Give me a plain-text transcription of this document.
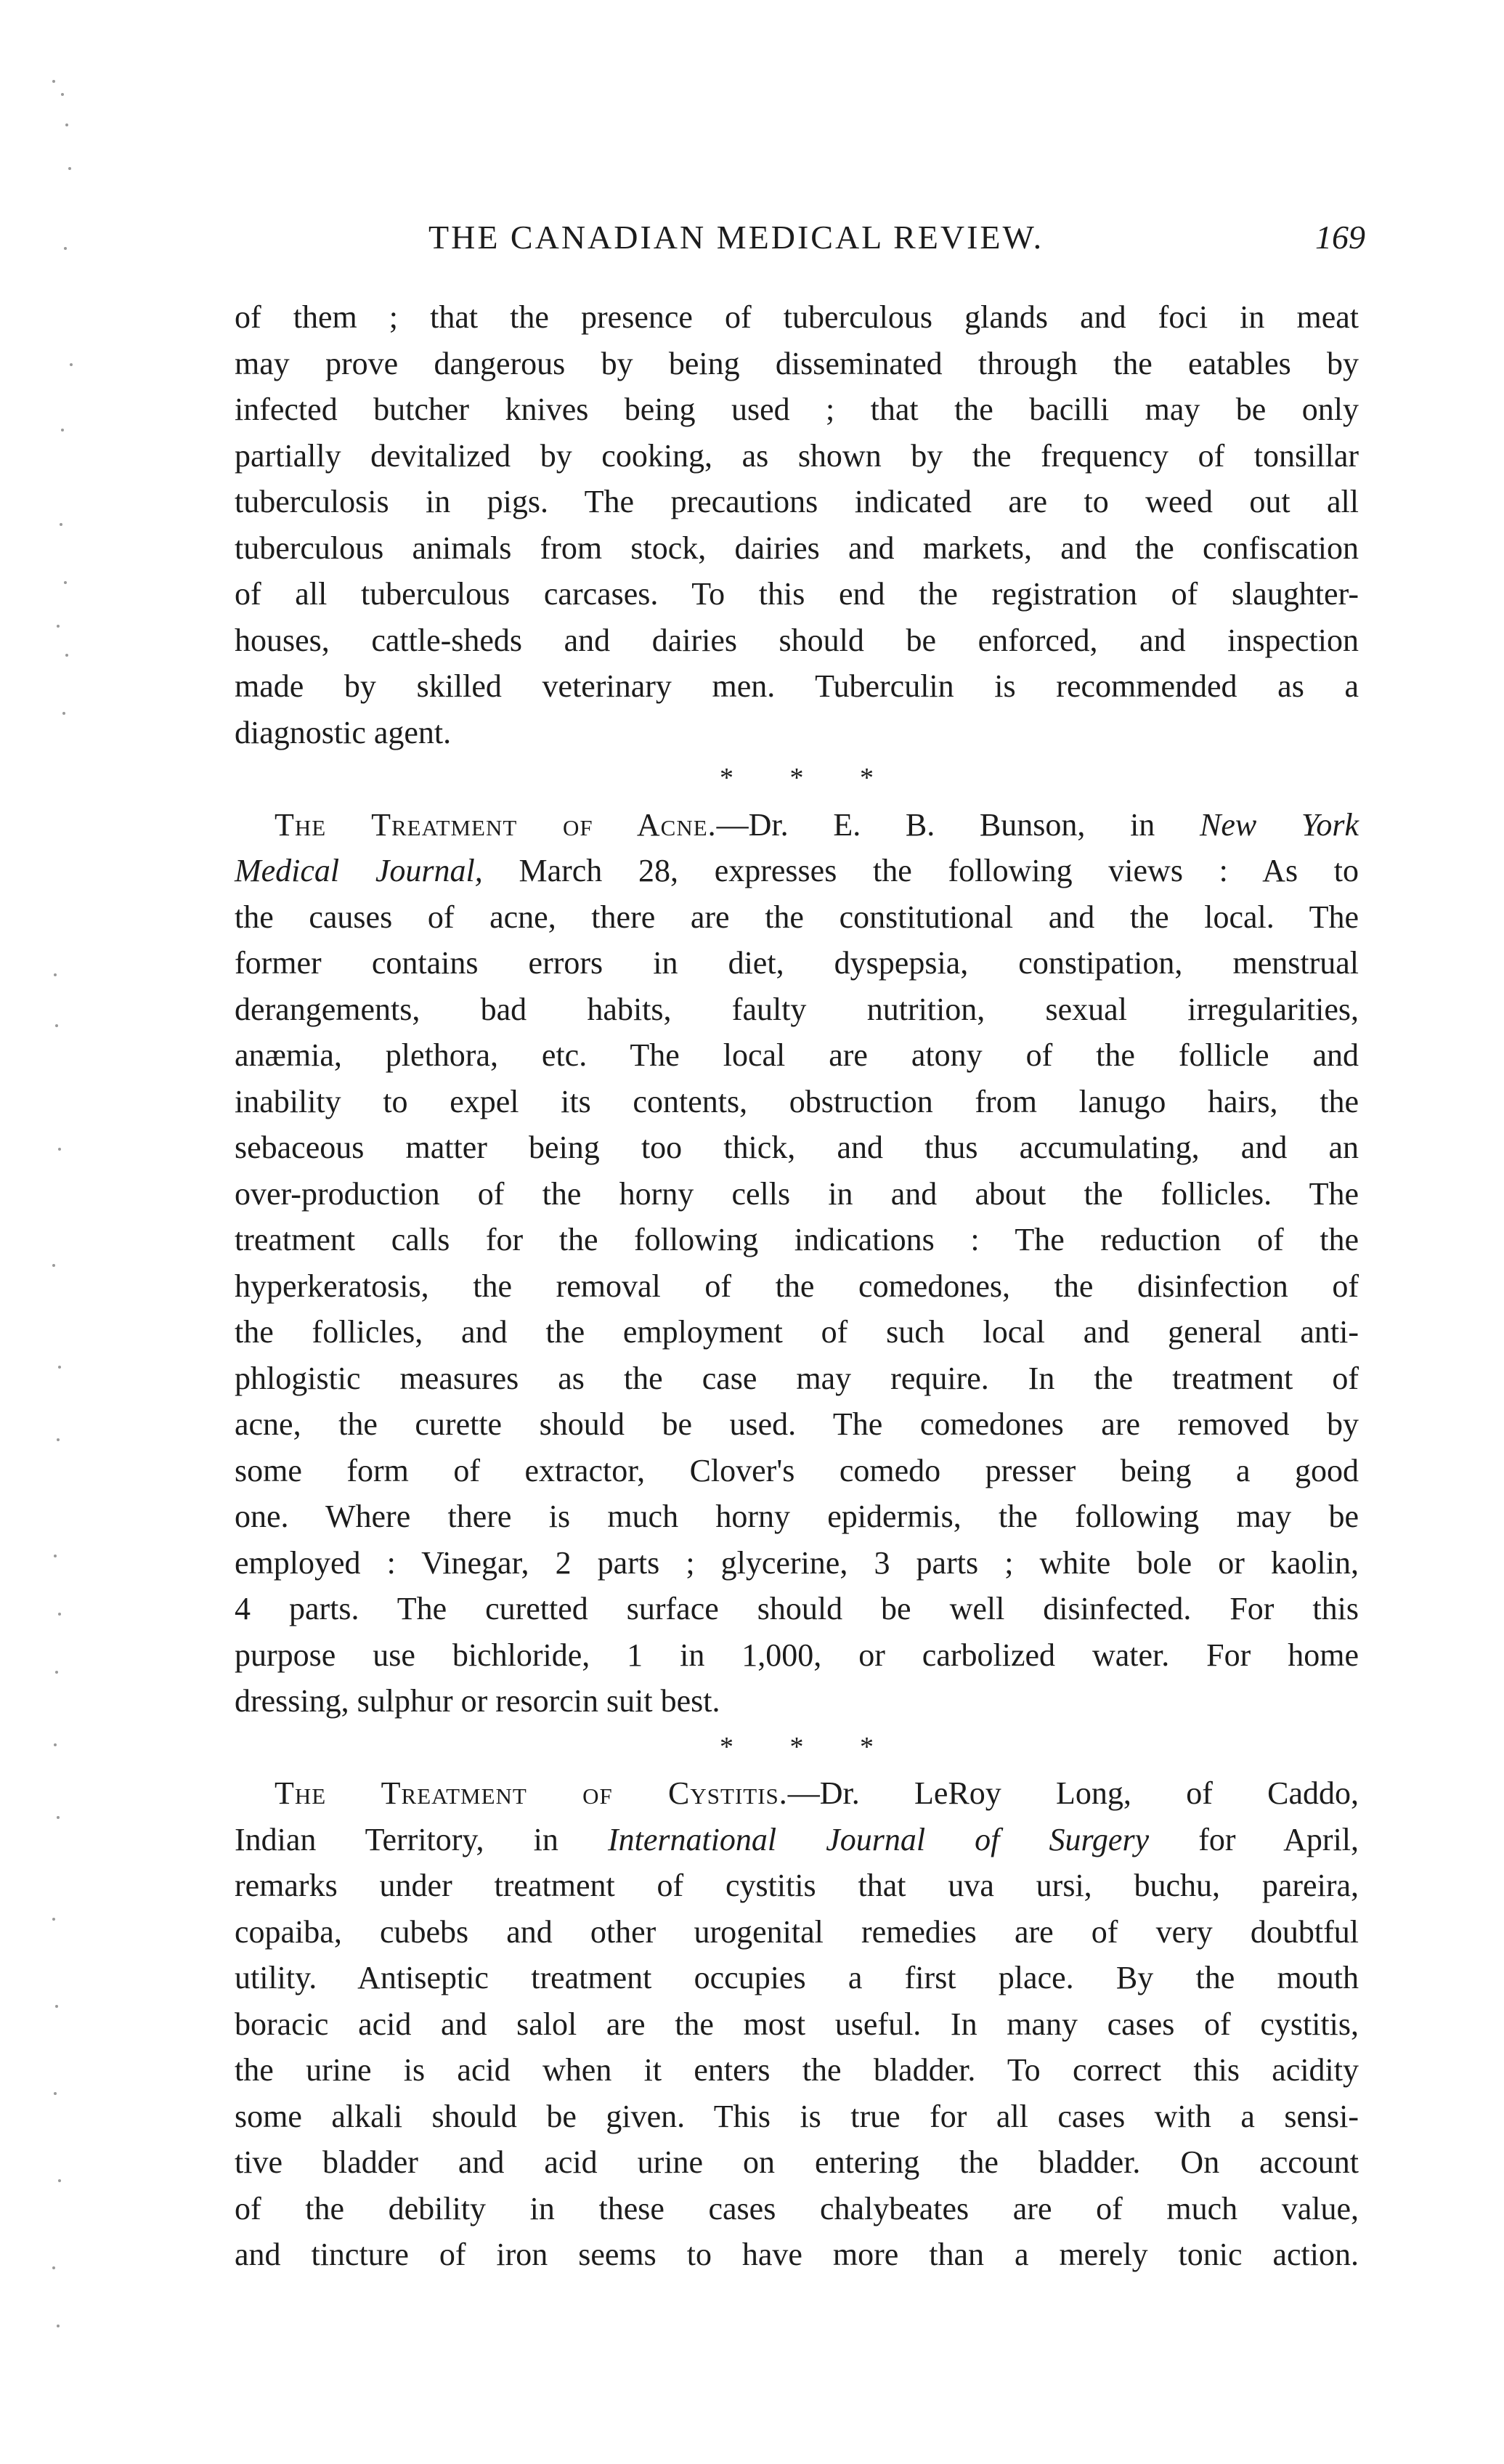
THE CANADIAN MEDICAL REVIEW.	169
of them ; that the presence of tuberculous glands and foci in meat
may prove dangerous by being disseminated through the eatables by
infected butcher knives being used ; that the bacilli may be only
partially devitalized by cooking, as shown by the frequency of tonsillar
tuberculosis in pigs. The precautions indicated are to weed out all
tuberculous animals from stock, dairies and markets, and the confiscation
of all tuberculous carcases. To this end the registration of slaughter-
houses, cattle-sheds and dairies should be enforced, and inspection
made by skilled veterinary men. Tuberculin is recommended as a
diagnostic agent.
* * *
The Treatment of Acne.—Dr. E. B. Bunson, in New York
Medical Journal, March 28, expresses the following views : As to
the causes of acne, there are the constitutional and the local. The
former contains errors in diet, dyspepsia, constipation, menstrual
derangements, bad habits, faulty nutrition, sexual irregularities,
anæmia, plethora, etc. The local are atony of the follicle and
inability to expel its contents, obstruction from lanugo hairs, the
sebaceous matter being too thick, and thus accumulating, and an
over-production of the horny cells in and about the follicles. The
treatment calls for the following indications : The reduction of the
hyperkeratosis, the removal of the comedones, the disinfection of
the follicles, and the employment of such local and general anti-
phlogistic measures as the case may require. In the treatment of
acne, the curette should be used. The comedones are removed by
some form of extractor, Clover's comedo presser being a good
one. Where there is much horny epidermis, the following may be
employed : Vinegar, 2 parts ; glycerine, 3 parts ; white bole or kaolin,
4 parts. The curetted surface should be well disinfected. For this
purpose use bichloride, 1 in 1,000, or carbolized water. For home
dressing, sulphur or resorcin suit best.
* * *
The Treatment of Cystitis.—Dr. LeRoy Long, of Caddo,
Indian Territory, in International Journal of Surgery for April,
remarks under treatment of cystitis that uva ursi, buchu, pareira,
copaiba, cubebs and other urogenital remedies are of very doubtful
utility. Antiseptic treatment occupies a first place. By the mouth
boracic acid and salol are the most useful. In many cases of cystitis,
the urine is acid when it enters the bladder. To correct this acidity
some alkali should be given. This is true for all cases with a sensi-
tive bladder and acid urine on entering the bladder. On account
of the debility in these cases chalybeates are of much value,
and tincture of iron seems to have more than a merely tonic action.
